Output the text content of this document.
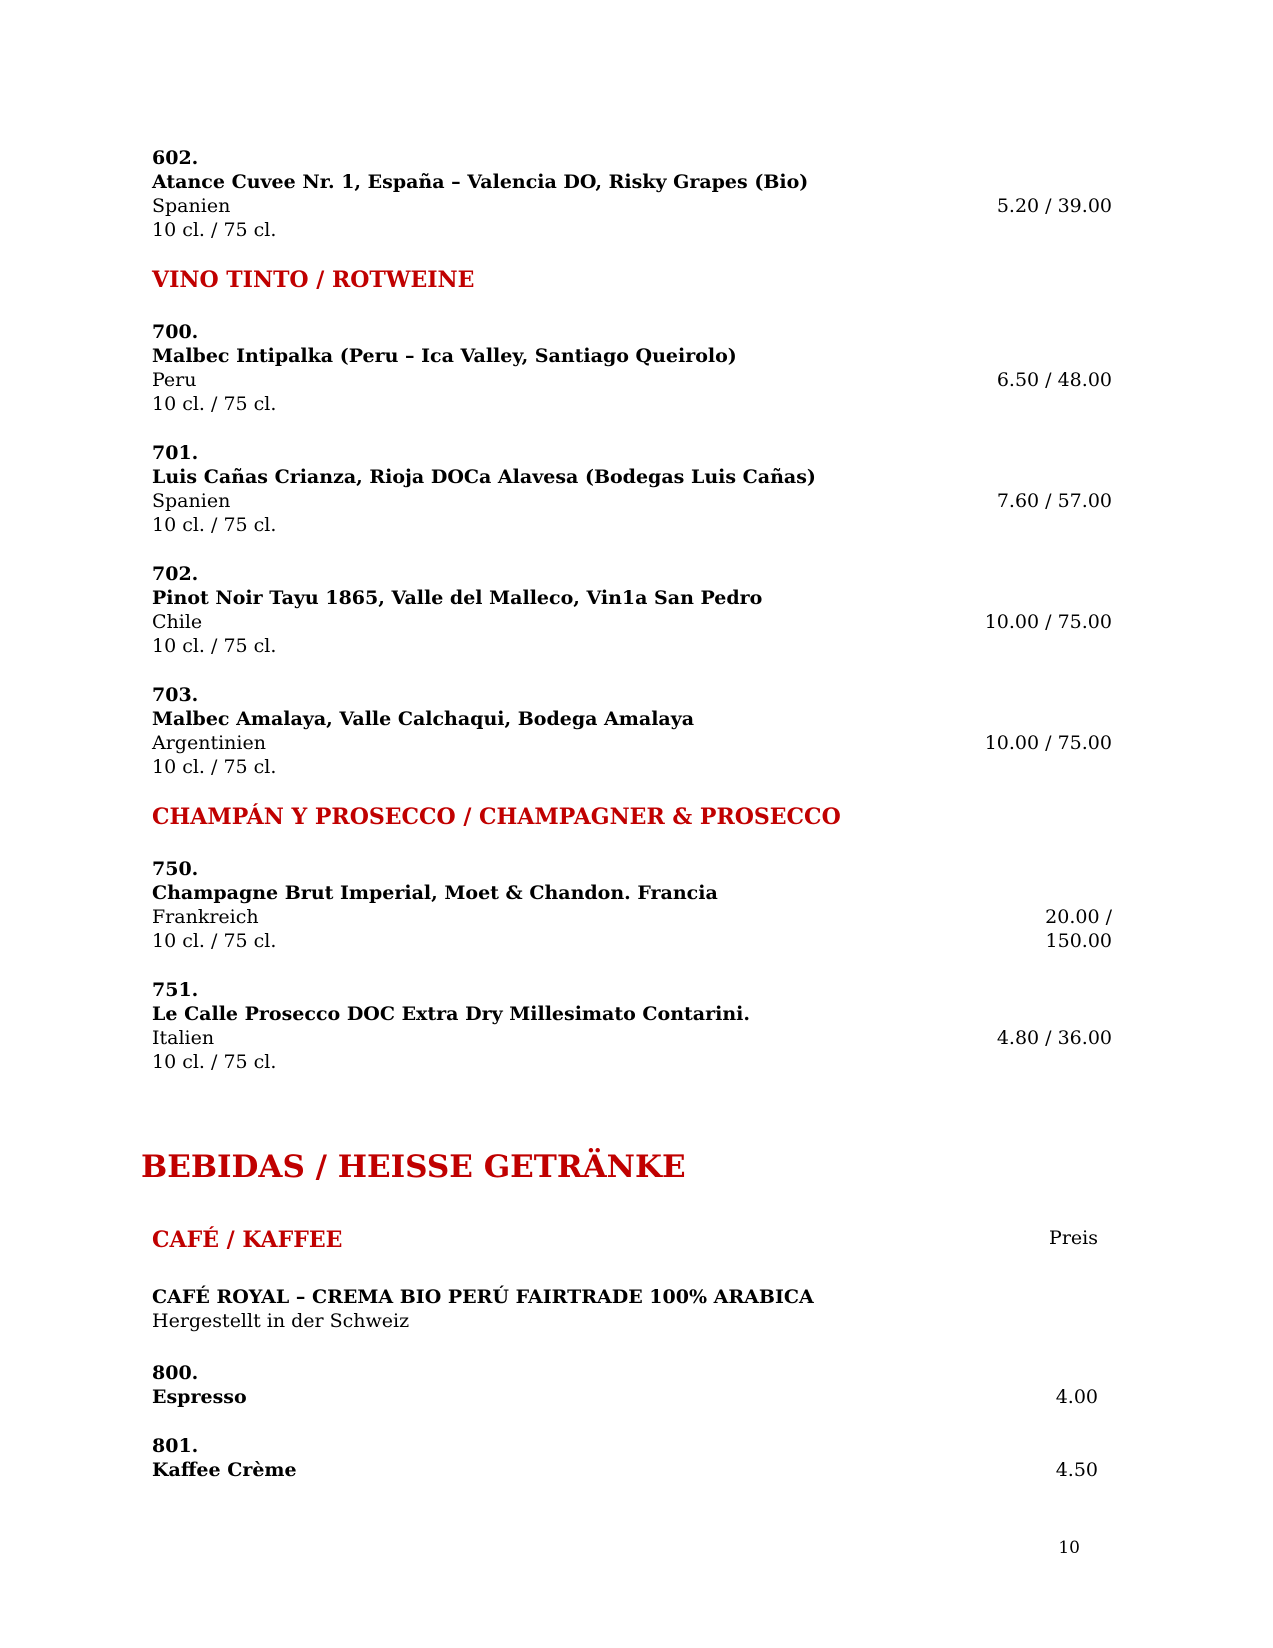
602.
Atance Cuvee Nr. 1, España – Valencia DO, Risky Grapes (Bio)
Spanien
10 cl. / 75 cl.
5.20 / 39.00
VINO TINTO / ROTWEINE
700.
Malbec Intipalka (Peru – Ica Valley, Santiago Queirolo)
Peru
10 cl. / 75 cl.
6.50 / 48.00
701.
Luis Cañas Crianza, Rioja DOCa Alavesa (Bodegas Luis Cañas)
Spanien
10 cl. / 75 cl.
7.60 / 57.00
702.
Pinot Noir Tayu 1865, Valle del Malleco, Vin1a San Pedro
Chile
10 cl. / 75 cl.
10.00 / 75.00
703.
Malbec Amalaya, Valle Calchaqui, Bodega Amalaya
Argentinien
10 cl. / 75 cl.
10.00 / 75.00
CHAMPÁN Y PROSECCO / CHAMPAGNER & PROSECCO
750.
Champagne Brut Imperial, Moet & Chandon. Francia
Frankreich
10 cl. / 75 cl.
20.00 /
150.00
751.
Le Calle Prosecco DOC Extra Dry Millesimato Contarini.
Italien
10 cl. / 75 cl.
4.80 / 36.00
BEBIDAS / HEISSE GETRÄNKE
CAFÉ / KAFFEE	Preis
CAFÉ ROYAL – CREMA BIO PERÚ FAIRTRADE 100% ARABICA
Hergestellt in der Schweiz
800.
Espresso	4.00
801.
Kaffee Crème	4.50
10
